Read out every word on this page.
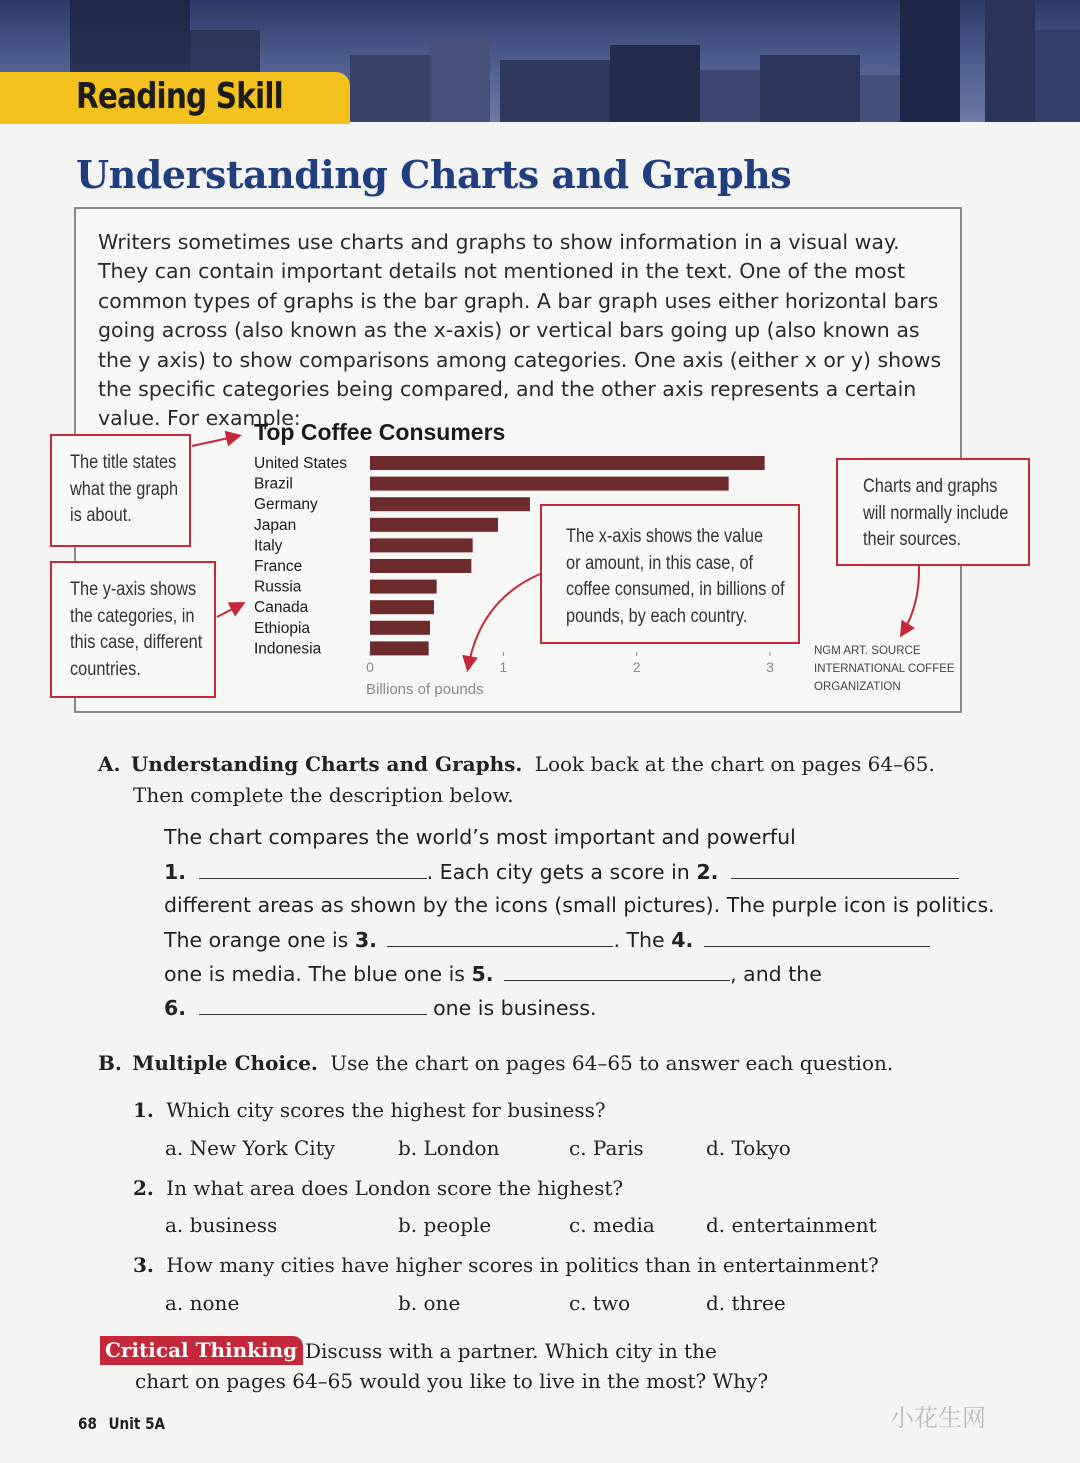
Reading Skill
Understanding Charts and Graphs

Writers sometimes use charts and graphs to show information in a visual way. They can contain important details not mentioned in the text. One of the most common types of graphs is the bar graph. A bar graph uses either horizontal bars going across (also known as the x-axis) or vertical bars going up (also known as the y axis) to show comparisons among categories. One axis (either x or y) shows the specific categories being compared, and the other axis represents a certain value. For example:

The title states
what the graph
is about.
The y-axis shows
the categories, in
this case, different
countries.
The x-axis shows the value
or amount, in this case, of
coffee consumed, in billions of
pounds, by each country.
Charts and graphs
will normally include
their sources.
Top Coffee Consumers
United States
Brazil
Germany
Japan
Italy
France
Russia
Canada
Ethiopia
Indonesia
0	1	2	3
Billions of pounds
NGM ART. SOURCE
INTERNATIONAL COFFEE
ORGANIZATION
A. Understanding Charts and Graphs. Look back at the chart on pages 64–65.
Then complete the description below.
The chart compares the world’s most important and powerful
1.	. Each city gets a score in 2.
different areas as shown by the icons (small pictures). The purple icon is politics.
The orange one is 3.	. The 4.
one is media. The blue one is 5.	, and the
6.	one is business.
B. Multiple Choice. Use the chart on pages 64–65 to answer each question.
1. Which city scores the highest for business?
a. New York City	b. London	c. Paris	d. Tokyo
2. In what area does London score the highest?
a. business	b. people	c. media	d. entertainment
3. How many cities have higher scores in politics than in entertainment?
a. none	b. one	c. two	d. three
Critical Thinking Discuss with a partner. Which city in the
chart on pages 64–65 would you like to live in the most? Why?
68 Unit 5A	小花生网
